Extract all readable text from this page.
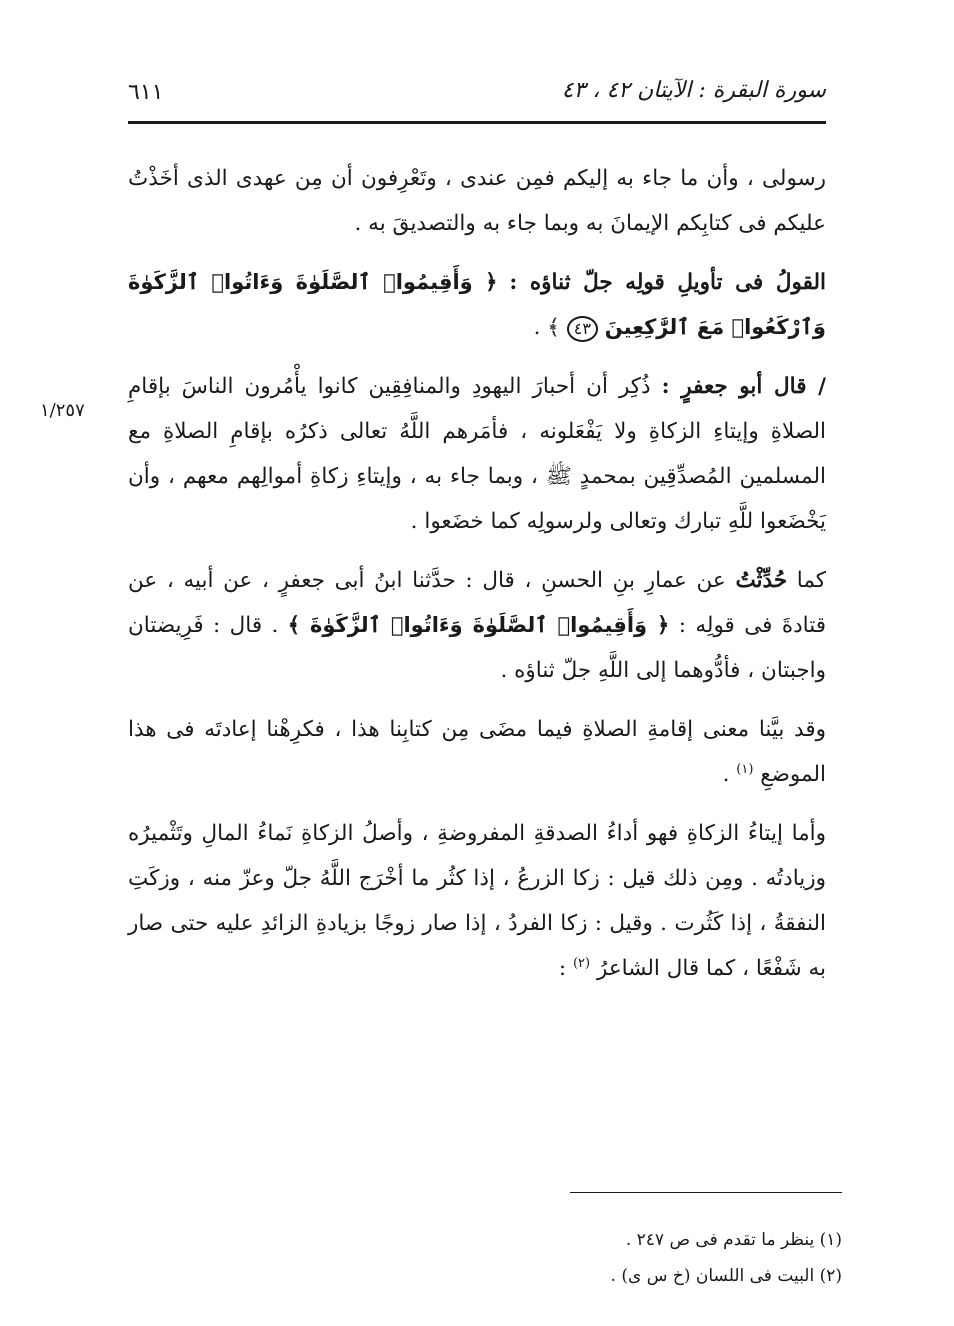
٦١١	سورة البقرة : الآيتان ٤٢ ، ٤٣
١/٢٥٧

رسولى ، وأن ما جاء به إليكم فمِن عندى ، وتَعْرِفون أن مِن عهدى الذى أخَذْتُ عليكم فى كتابِكم الإيمانَ به وبما جاء به والتصديقَ به .

القولُ فى تأويلِ قولِه جلّ ثناؤه : ﴿ وَأَقِيمُوا۟ ٱلصَّلَوٰةَ وَءَاتُوا۟ ٱلزَّكَوٰةَ وَٱرْكَعُوا۟ مَعَ ٱلرَّٰكِعِينَ ٤٣ ﴾ .

/ قال أبو جعفرٍ : ذُكِر أن أحبارَ اليهودِ والمنافِقِين كانوا يأْمُرون الناسَ بإقامِ الصلاةِ وإيتاءِ الزكاةِ ولا يَفْعَلونه ، فأمَرهم اللَّهُ تعالى ذكرُه بإقامِ الصلاةِ مع المسلمين المُصدِّقِين بمحمدٍ ﷺ ، وبما جاء به ، وإيتاءِ زكاةِ أموالِهم معهم ، وأن يَخْضَعوا للَّهِ تبارك وتعالى ولرسولِه كما خضَعوا .

كما حُدِّثْتُ عن عمارِ بنِ الحسنِ ، قال : حدَّثنا ابنُ أبى جعفرٍ ، عن أبيه ، عن قتادةَ فى قولِه : ﴿ وَأَقِيمُوا۟ ٱلصَّلَوٰةَ وَءَاتُوا۟ ٱلزَّكَوٰةَ ﴾ . قال : فَرِيضتان واجبتان ، فأدُّوهما إلى اللَّهِ جلّ ثناؤه .

وقد بيَّنا معنى إقامةِ الصلاةِ فيما مضَى مِن كتابِنا هذا ، فكرِهْنا إعادتَه فى هذا الموضعِ $^{(١)}$ .

وأما إيتاءُ الزكاةِ فهو أداءُ الصدقةِ المفروضةِ ، وأصلُ الزكاةِ نَماءُ المالِ وتَثْميرُه وزيادتُه . ومِن ذلك قيل : زكا الزرعُ ، إذا كثُر ما أخْرَج اللَّهُ جلّ وعزّ منه ، وزكَتِ النفقةُ ، إذا كَثُرت . وقيل : زكا الفردُ ، إذا صار زوجًا بزيادةِ الزائدِ عليه حتى صار به شَفْعًا ، كما قال الشاعرُ $^{(٢)}$ :

(١) ينظر ما تقدم فى ص ٢٤٧ .

(٢) البيت فى اللسان (خ س ى) .
